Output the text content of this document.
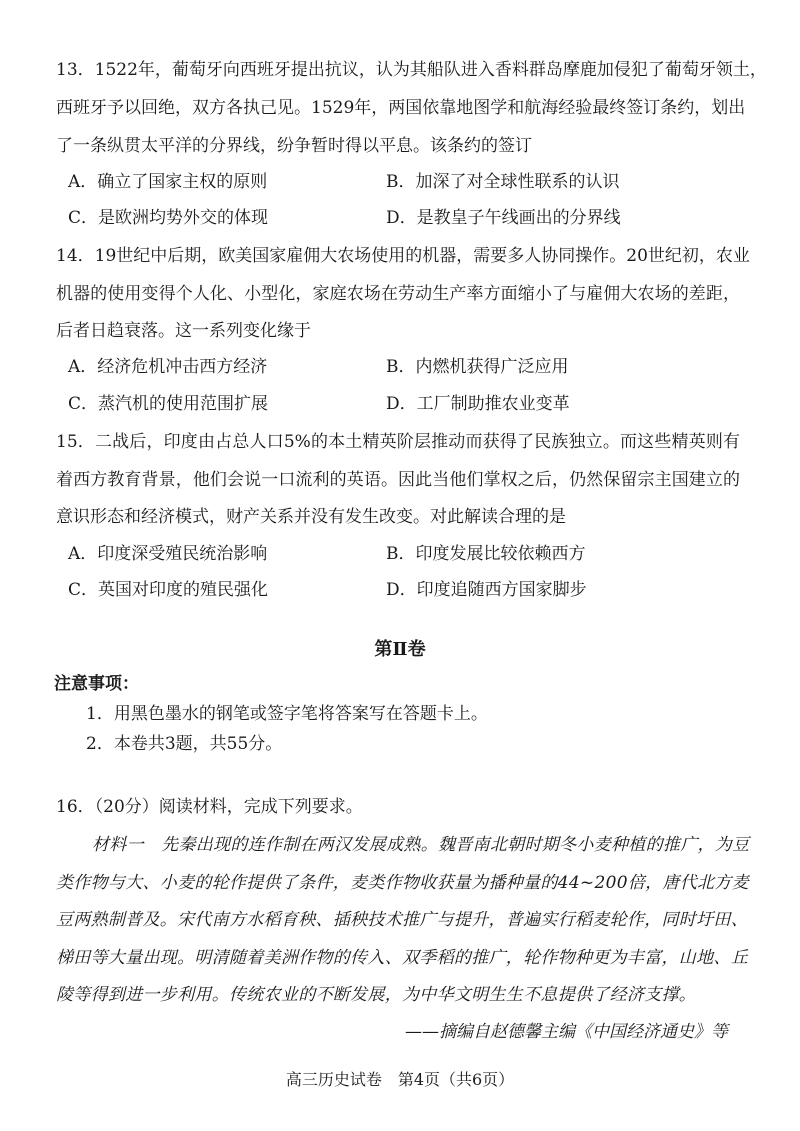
13．1522年，葡萄牙向西班牙提出抗议，认为其船队进入香料群岛摩鹿加侵犯了葡萄牙领土，
西班牙予以回绝，双方各执己见。1529年，两国依靠地图学和航海经验最终签订条约，划出
了一条纵贯太平洋的分界线，纷争暂时得以平息。该条约的签订
A．确立了国家主权的原则	B．加深了对全球性联系的认识
C．是欧洲均势外交的体现	D．是教皇子午线画出的分界线
14．19世纪中后期，欧美国家雇佣大农场使用的机器，需要多人协同操作。20世纪初，农业
机器的使用变得个人化、小型化，家庭农场在劳动生产率方面缩小了与雇佣大农场的差距，
后者日趋衰落。这一系列变化缘于
A．经济危机冲击西方经济	B．内燃机获得广泛应用
C．蒸汽机的使用范围扩展	D．工厂制助推农业变革
15．二战后，印度由占总人口5%的本土精英阶层推动而获得了民族独立。而这些精英则有
着西方教育背景，他们会说一口流利的英语。因此当他们掌权之后，仍然保留宗主国建立的
意识形态和经济模式，财产关系并没有发生改变。对此解读合理的是
A．印度深受殖民统治影响	B．印度发展比较依赖西方
C．英国对印度的殖民强化	D．印度追随西方国家脚步
第Ⅱ卷
注意事项：
1．用黑色墨水的钢笔或签字笔将答案写在答题卡上。
2．本卷共3题，共55分。
16．（20分）阅读材料，完成下列要求。
材料一　先秦出现的连作制在两汉发展成熟。魏晋南北朝时期冬小麦种植的推广，为豆
类作物与大、小麦的轮作提供了条件，麦类作物收获量为播种量的44~200倍，唐代北方麦
豆两熟制普及。宋代南方水稻育秧、插秧技术推广与提升，普遍实行稻麦轮作，同时圩田、
梯田等大量出现。明清随着美洲作物的传入、双季稻的推广，轮作物种更为丰富，山地、丘
陵等得到进一步利用。传统农业的不断发展，为中华文明生生不息提供了经济支撑。
——摘编自赵德馨主编《中国经济通史》等
高三历史试卷　第4页（共6页）
